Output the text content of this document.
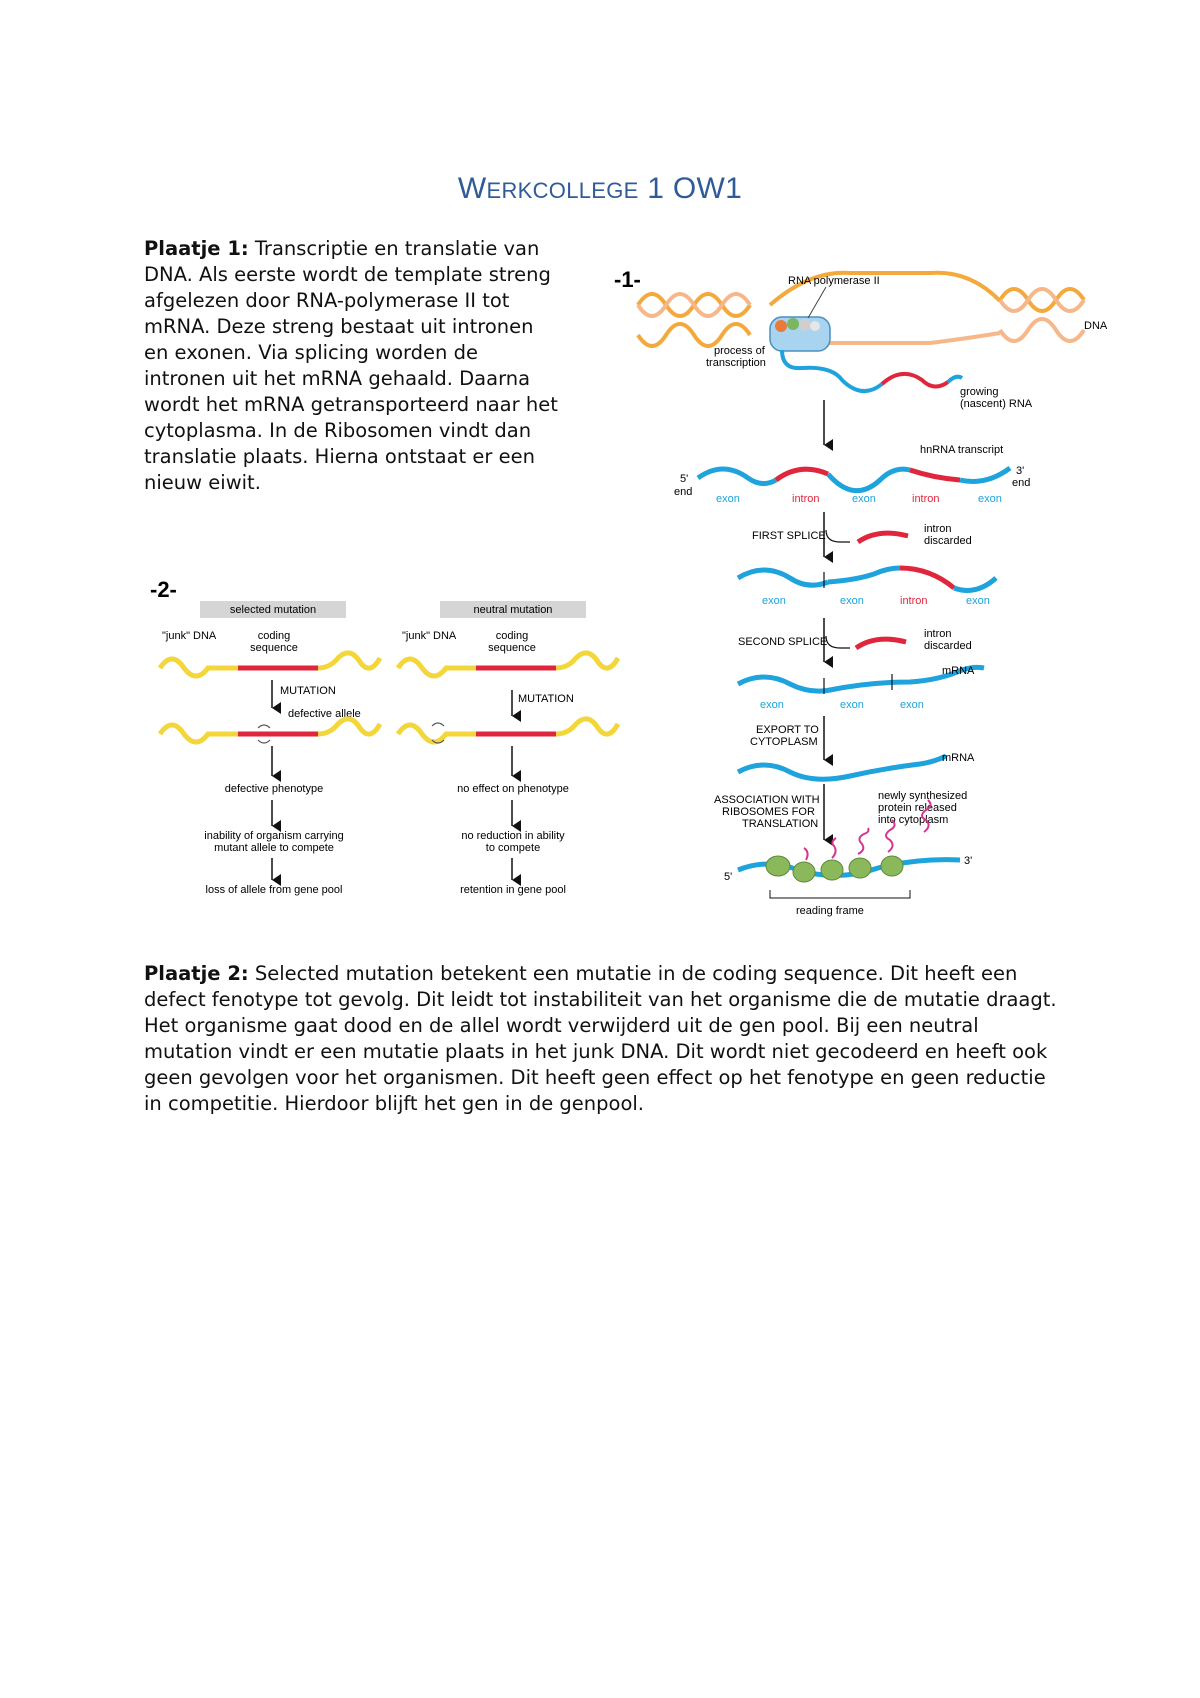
WERKCOLLEGE 1 OW1
Plaatje 1: Transcriptie en translatie van DNA. Als eerste wordt de template streng afgelezen door RNA-polymerase II tot mRNA. Deze streng bestaat uit intronen en exonen. Via splicing worden de intronen uit het mRNA gehaald. Daarna wordt het mRNA getransporteerd naar het cytoplasma. In de Ribosomen vindt dan translatie plaats. Hierna ontstaat er een nieuw eiwit.
-1-	RNA polymerase II
DNA
process of
transcription
growing
(nascent) RNA
hnRNA transcript
5'
end
3'
end
exon	intron	exon	intron	exon
FIRST SPLICE
intron
discarded
exon	exon	intron	exon
SECOND SPLICE
intron
discarded
mRNA
exon	exon	exon
EXPORT TO
CYTOPLASM
mRNA
ASSOCIATION WITH
RIBOSOMES FOR
TRANSLATION
newly synthesized
protein released
into cytoplasm
5'
3'
reading frame
-2-
selected mutation	neutral mutation
"junk" DNA	coding
sequence
MUTATION
defective allele
defective phenotype
inability of organism carrying
mutant allele to compete
loss of allele from gene pool
"junk" DNA	coding
sequence
MUTATION
no effect on phenotype
no reduction in ability
to compete
retention in gene pool
Plaatje 2: Selected mutation betekent een mutatie in de coding sequence. Dit heeft een defect fenotype tot gevolg. Dit leidt tot instabiliteit van het organisme die de mutatie draagt. Het organisme gaat dood en de allel wordt verwijderd uit de gen pool. Bij een neutral mutation vindt er een mutatie plaats in het junk DNA. Dit wordt niet gecodeerd en heeft ook geen gevolgen voor het organismen. Dit heeft geen effect op het fenotype en geen reductie in competitie. Hierdoor blijft het gen in de genpool.
